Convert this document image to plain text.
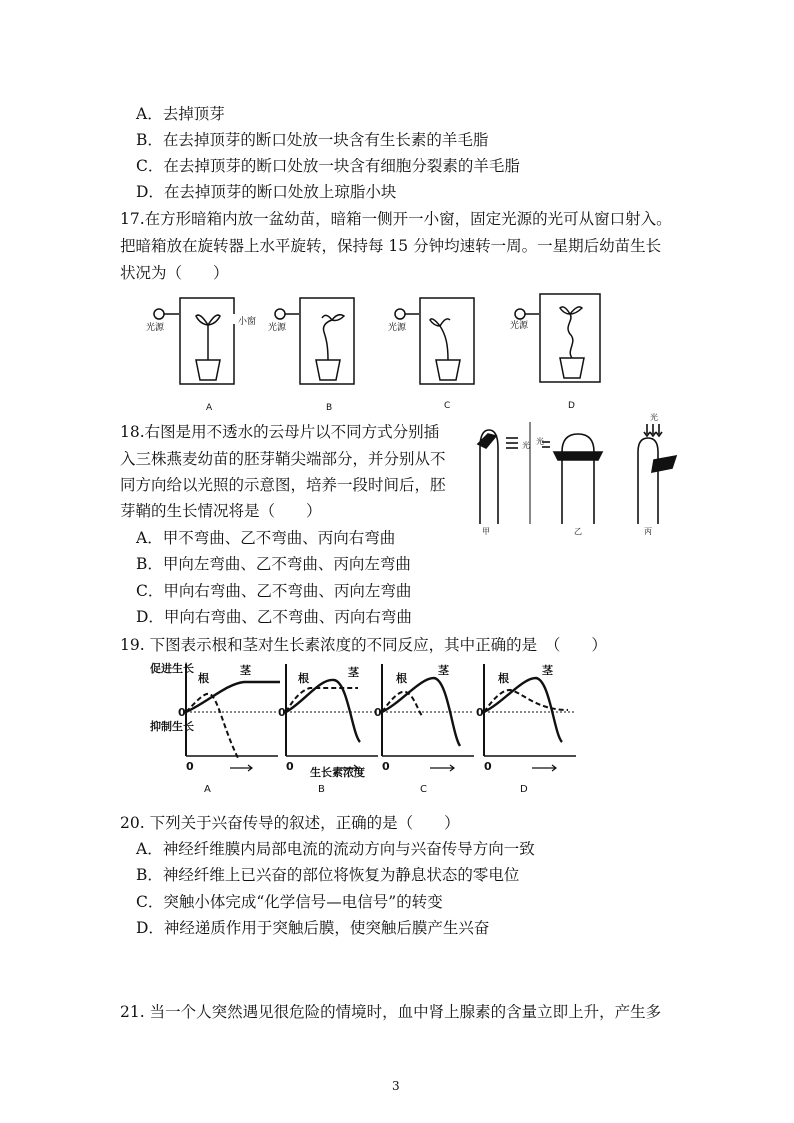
A．去掉顶芽
B．在去掉顶芽的断口处放一块含有生长素的羊毛脂
C．在去掉顶芽的断口处放一块含有细胞分裂素的羊毛脂
D．在去掉顶芽的断口处放上琼脂小块
17.在方形暗箱内放一盆幼苗，暗箱一侧开一小窗，固定光源的光可从窗口射入。
把暗箱放在旋转器上水平旋转，保持每 15 分钟均速转一周。一星期后幼苗生长
状况为（　　）
光源
小窗
光源	光源	光源
A	B	C	D
18.右图是用不透水的云母片以不同方式分别插
入三株燕麦幼苗的胚芽鞘尖端部分，并分别从不
同方向给以光照的示意图，培养一段时间后，胚
芽鞘的生长情况将是（　　）
A．甲不弯曲、乙不弯曲、丙向右弯曲
B．甲向左弯曲、乙不弯曲、丙向左弯曲
C．甲向右弯曲、乙不弯曲、丙向左弯曲
D．甲向右弯曲、乙不弯曲、丙向右弯曲
光 光
光
甲	乙	丙
19. 下图表示根和茎对生长素浓度的不同反应，其中正确的是　（　　）
促进生长
抑制生长
0
0
0
0
0
0
0
0
根
茎
根	茎	根
茎
根
茎
生长素浓度
A	B	C	D
20. 下列关于兴奋传导的叙述，正确的是（　　）
A．神经纤维膜内局部电流的流动方向与兴奋传导方向一致
B．神经纤维上已兴奋的部位将恢复为静息状态的零电位
C．突触小体完成“化学信号—电信号”的转变
D．神经递质作用于突触后膜，使突触后膜产生兴奋
21. 当一个人突然遇见很危险的情境时，血中肾上腺素的含量立即上升，产生多
3
